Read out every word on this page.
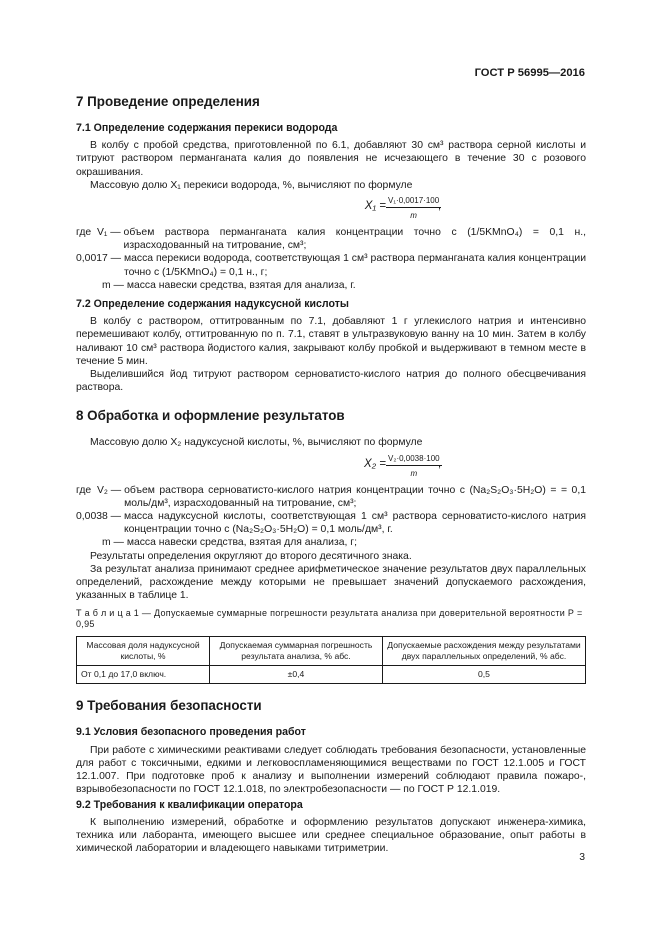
ГОСТ Р 56995—2016
7 Проведение определения
7.1 Определение содержания перекиси водорода

В колбу с пробой средства, приготовленной по 6.1, добавляют 30 см³ раствора серной кислоты и титруют раствором перманганата калия до появления не исчезающего в течение 30 с розового окрашивания.

Массовую долю X₁ перекиси водорода, %, вычисляют по формуле

$X_1 = \frac{\text{V₁·0,0017·100}}{m}$
,
где  V₁ — объем раствора перманганата калия концентрации точно c (1/5KMnO₄) = 0,1 н., израсходованный на титрование, см³;
0,0017 — масса перекиси водорода, соответствующая 1 см³ раствора перманганата калия концентрации точно с (1/5KMnO₄) = 0,1 н., г;
m — масса навески средства, взятая для анализа, г.
7.2 Определение содержания надуксусной кислоты

В колбу с раствором, оттитрованным по 7.1, добавляют 1 г углекислого натрия и интенсивно перемешивают колбу, оттитрованную по п. 7.1, ставят в ультразвуковую ванну на 10 мин. Затем в колбу наливают 10 см³ раствора йодистого калия, закрывают колбу пробкой и выдерживают в темном месте в течение 5 мин.

Выделившийся йод титруют раствором серноватисто-кислого натрия до полного обесцвечивания раствора.

8 Обработка и оформление результатов

Массовую долю X₂ надуксусной кислоты, %, вычисляют по формуле

$X_2 = \frac{\text{V₂·0,0038·100}}{m}$
,
где  V₂ — объем раствора серноватисто-кислого натрия концентрации точно c (Na₂S₂O₃·5H₂O) = = 0,1 моль/дм³, израсходованный на титрование, см³;
0,0038 — масса надуксусной кислоты, соответствующая 1 см³ раствора серноватисто-кислого натрия концентрации точно с (Na₂S₂O₃·5H₂O) = 0,1 моль/дм³, г.
m — масса навески средства, взятая для анализа, г;

Результаты определения округляют до второго десятичного знака.

За результат анализа принимают среднее арифметическое значение результатов двух параллельных определений, расхождение между которыми не превышает значений допускаемого расхождения, указанных в таблице 1.

Т а б л и ц а 1 — Допускаемые суммарные погрешности результата анализа при доверительной вероятности Р = 0,95
Массовая доля надуксусной кислоты, %	Допускаемая суммарная погрешность результата анализа, % абс.	Допускаемые расхождения между результатами двух параллельных определений, % абс.
От 0,1 до 17,0 включ.	±0,4	0,5
9 Требования безопасности
9.1 Условия безопасного проведения работ

При работе с химическими реактивами следует соблюдать требования безопасности, установленные для работ с токсичными, едкими и легковоспламеняющимися веществами по ГОСТ 12.1.005 и ГОСТ 12.1.007. При подготовке проб к анализу и выполнении измерений соблюдают правила пожаро-, взрывобезопасности по ГОСТ 12.1.018, по электробезопасности — по ГОСТ Р 12.1.019.

9.2 Требования к квалификации оператора

К выполнению измерений, обработке и оформлению результатов допускают инженера-химика, техника или лаборанта, имеющего высшее или среднее специальное образование, опыт работы в химической лаборатории и владеющего навыками титриметрии.

3
